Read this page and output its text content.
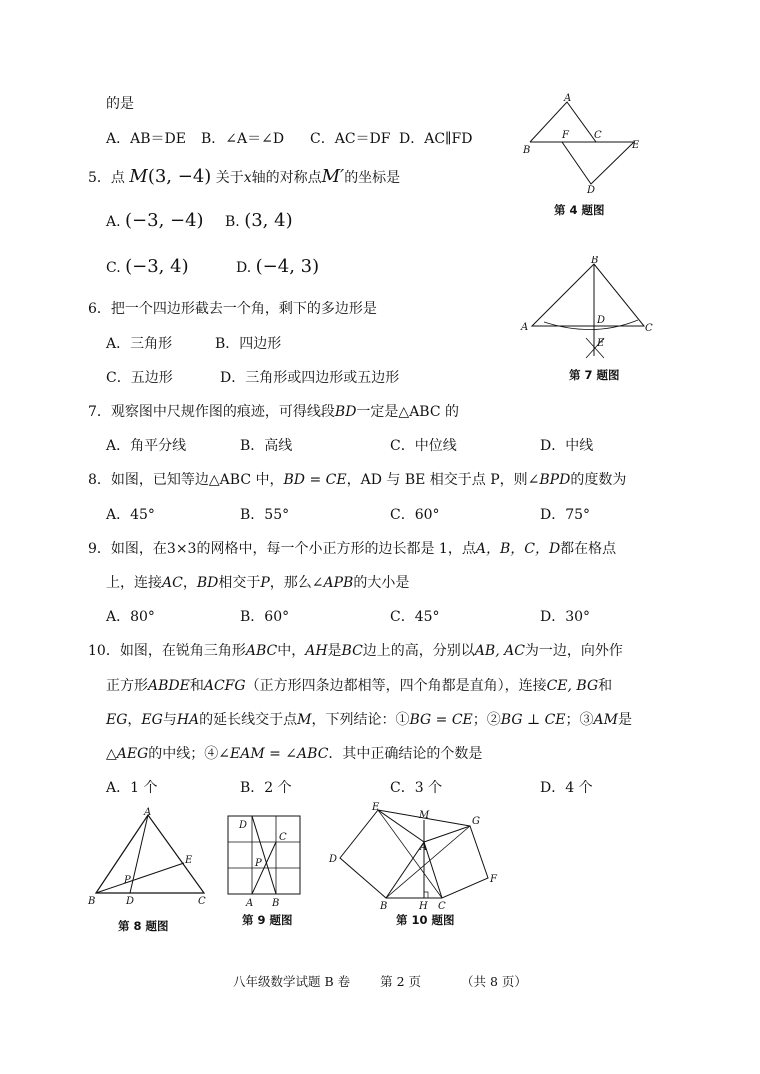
的是
A．AB＝DE B．∠A＝∠D C．AC＝DF D．AC∥FD
A
B
F	C
E
D
第 4 题图
5．点 M(3, −4) 关于x轴的对称点M′的坐标是
A. (−3, −4) B. (3, 4)
C. (−3, 4)	D. (−4, 3)	B
A
D
C
E
第 7 题图
6．把一个四边形截去一个角，剩下的多边形是
A．三角形	B．四边形
C．五边形	D．三角形或四边形或五边形
7．观察图中尺规作图的痕迹，可得线段BD一定是△ABC 的
A．角平分线	B．高线	C．中位线	D．中线
8．如图，已知等边△ABC 中，BD = CE，AD 与 BE 相交于点 P，则∠BPD的度数为
A．45°	B．55°	C．60°	D．75°
9．如图，在3×3的网格中，每一个小正方形的边长都是 1，点A，B，C，D都在格点
上，连接AC，BD相交于P，那么∠APB的大小是
A．80°	B．60°	C．45°	D．30°
10．如图，在锐角三角形ABC中，AH是BC边上的高，分别以AB, AC为一边，向外作
正方形ABDE和ACFG（正方形四条边都相等，四个角都是直角），连接CE, BG和
EG，EG与HA的延长线交于点M，下列结论：①BG = CE；②BG ⊥ CE；③AM是
△AEG的中线；④∠EAM = ∠ABC．其中正确结论的个数是
A．1 个	B．2 个	C．3 个	D．4 个
A
E
P
B	D	C
第 8 题图
D
C
P
A B
第 9 题图
E
M
G
A
D
F
B	H C
第 10 题图
八年级数学试题 B 卷 第 2 页	（共 8 页）
